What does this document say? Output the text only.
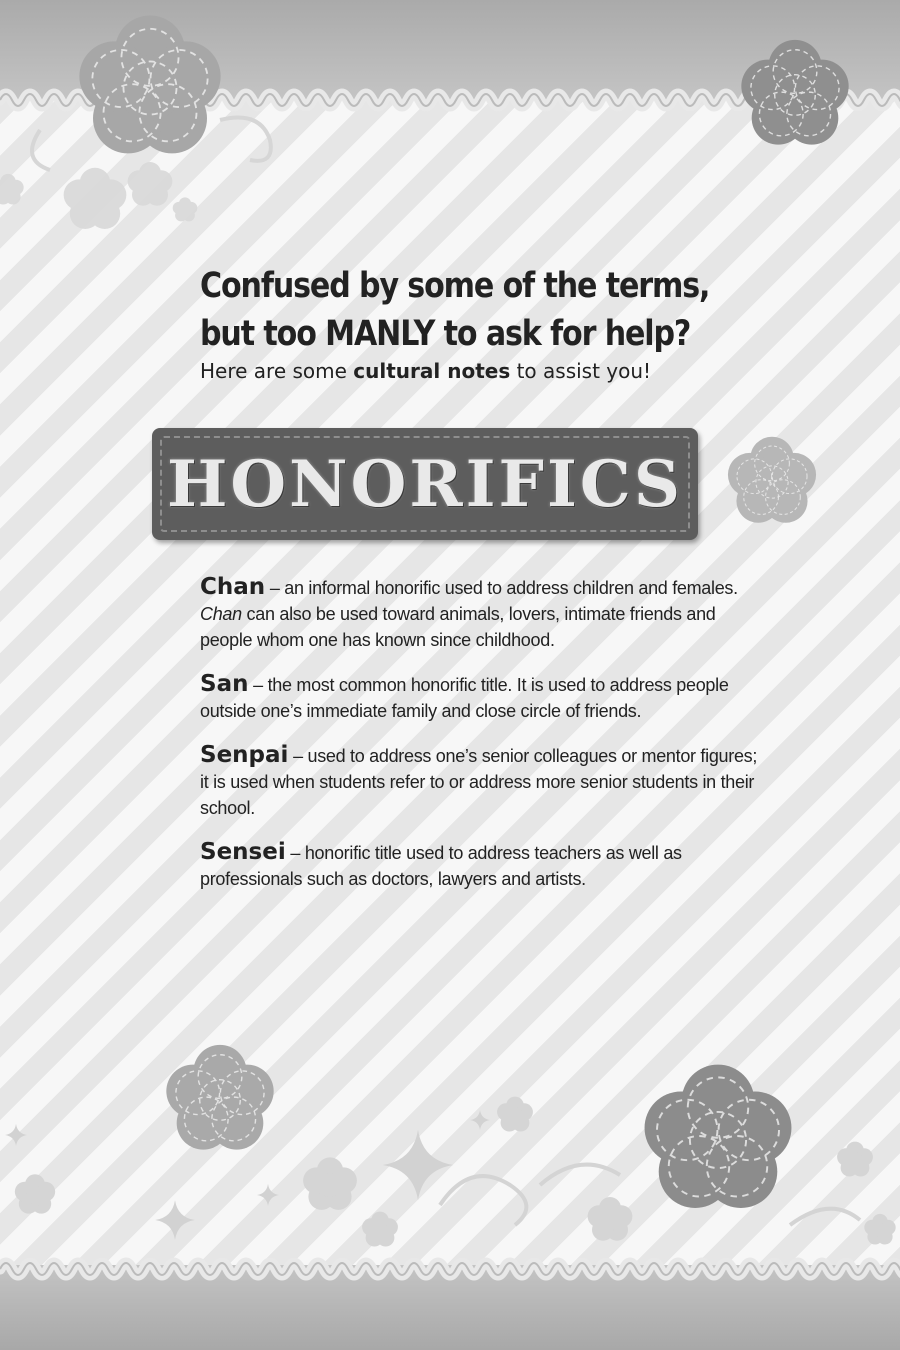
Confused by some of the terms,
but too MANLY to ask for help?

Here are some cultural notes to assist you!

HONORIFICS

Chan – an informal honorific used to address children and females. Chan can also be used toward animals, lovers, intimate friends and people whom one has known since childhood.

San – the most common honorific title. It is used to address people outside one’s immediate family and close circle of friends.

Senpai – used to address one’s senior colleagues or mentor figures; it is used when students refer to or address more senior students in their school.

Sensei – honorific title used to address teachers as well as professionals such as doctors, lawyers and artists.
